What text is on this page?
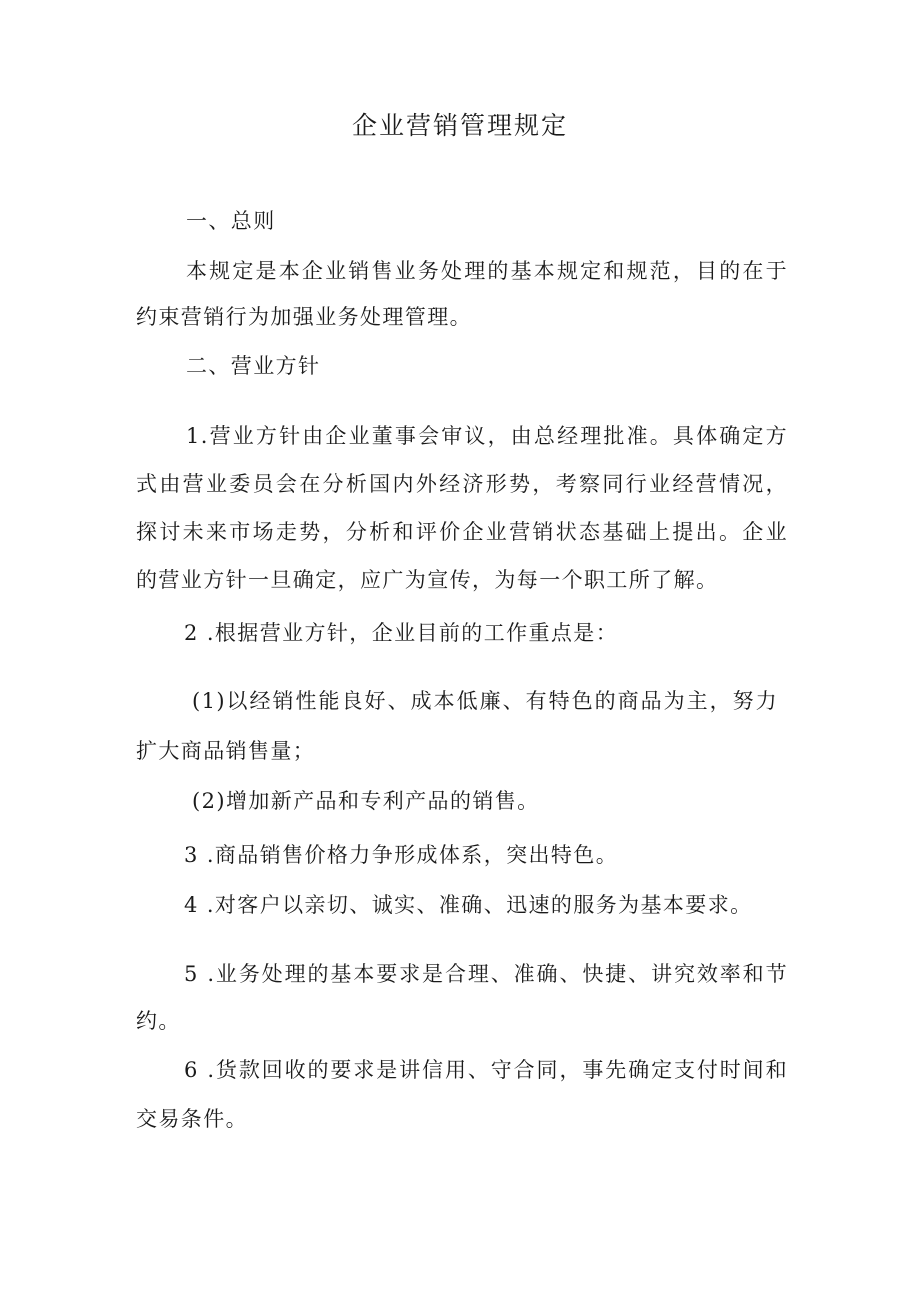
企业营销管理规定
一、总则
本规定是本企业销售业务处理的基本规定和规范，目的在于
约束营销行为加强业务处理管理。
二、营业方针
1.营业方针由企业董事会审议，由总经理批准。具体确定方
式由营业委员会在分析国内外经济形势，考察同行业经营情况，
探讨未来市场走势，分析和评价企业营销状态基础上提出。企业
的营业方针一旦确定，应广为宣传，为每一个职工所了解。
2 .根据营业方针，企业目前的工作重点是：
(1)以经销性能良好、成本低廉、有特色的商品为主，努力
扩大商品销售量；
(2)增加新产品和专利产品的销售。
3 .商品销售价格力争形成体系，突出特色。
4 .对客户以亲切、诚实、准确、迅速的服务为基本要求。
5 .业务处理的基本要求是合理、准确、快捷、讲究效率和节
约。
6 .货款回收的要求是讲信用、守合同，事先确定支付时间和
交易条件。
